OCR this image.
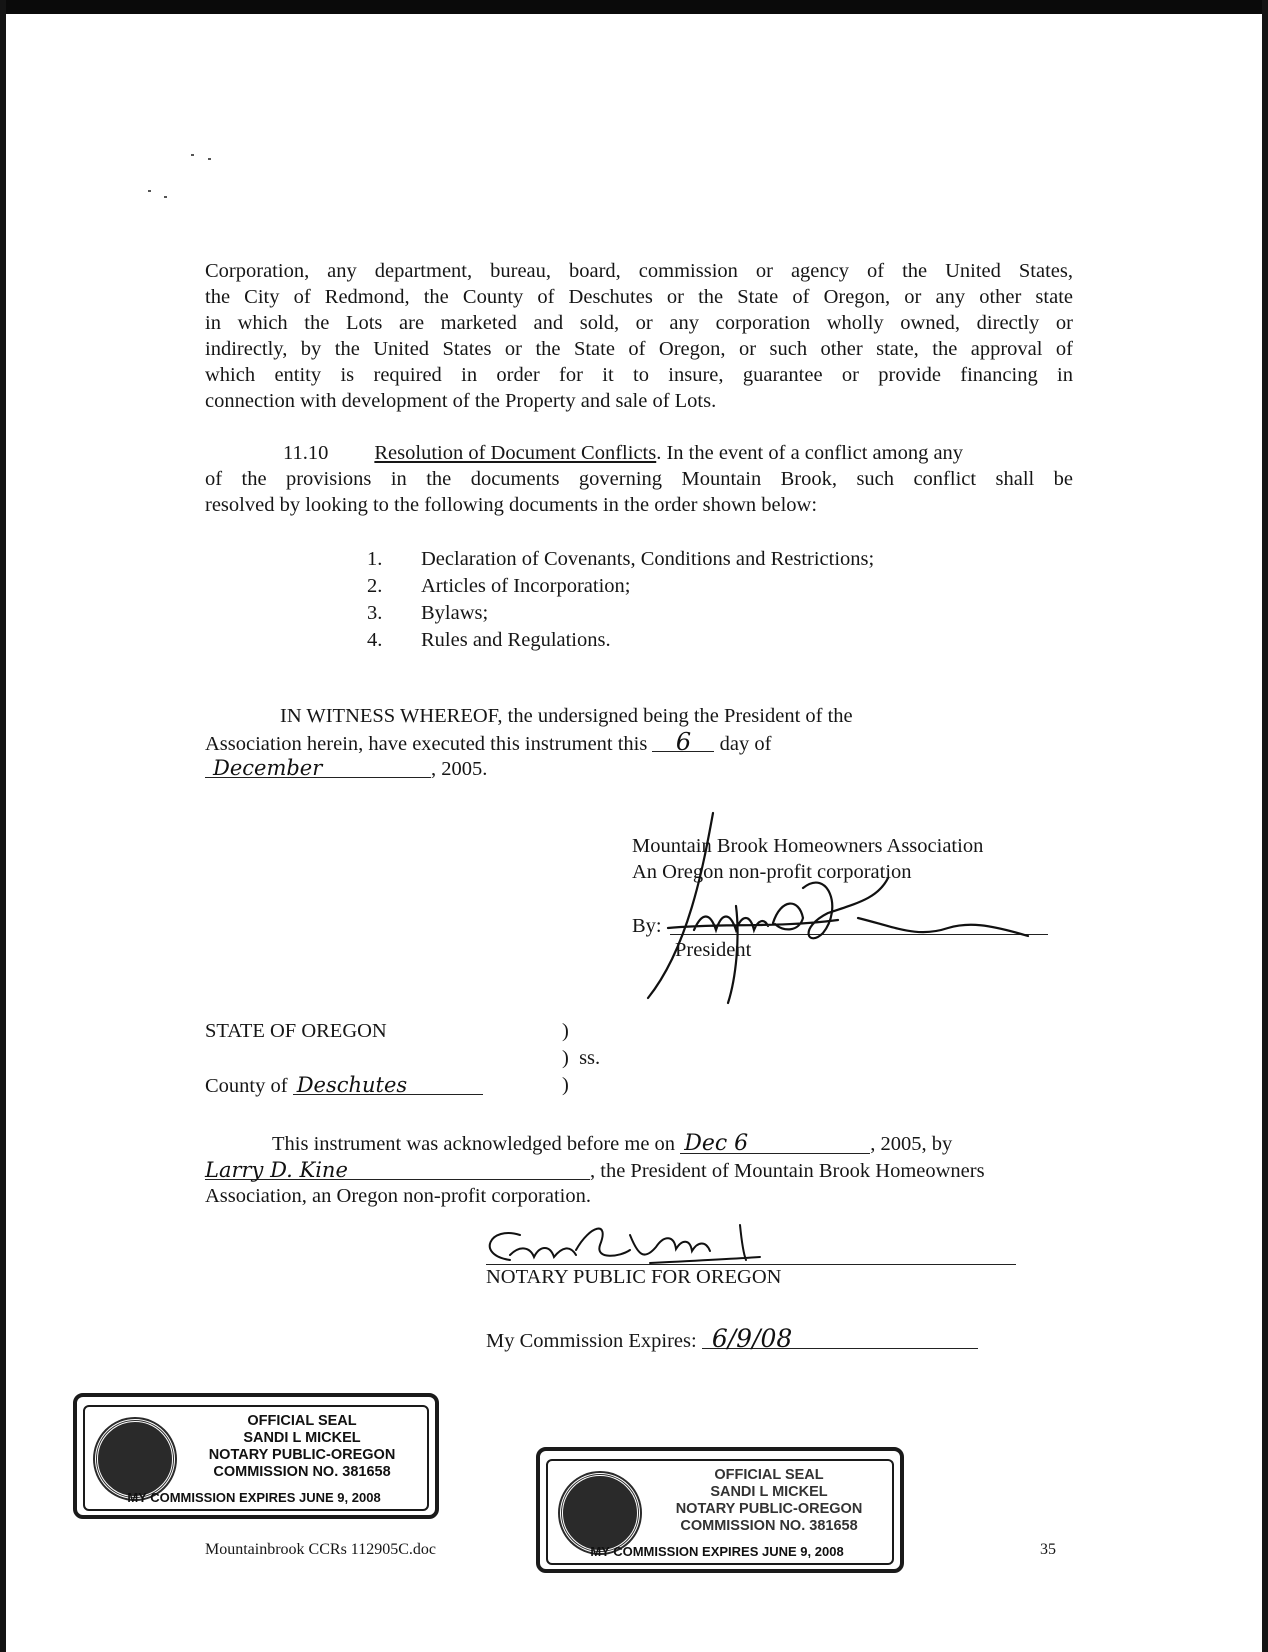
Corporation, any department, bureau, board, commission or agency of the United States,
the City of Redmond, the County of Deschutes or the State of Oregon, or any other state
in which the Lots are marketed and sold, or any corporation wholly owned, directly or
indirectly, by the United States or the State of Oregon, or such other state, the approval of
which entity is required in order for it to insure, guarantee or provide financing in
connection with development of the Property and sale of Lots.
11.10 Resolution of Document Conflicts. In the event of a conflict among any
of the provisions in the documents governing Mountain Brook, such conflict shall be
resolved by looking to the following documents in the order shown below:
1.	Declaration of Covenants, Conditions and Restrictions;
2.	Articles of Incorporation;
3.	Bylaws;
4.	Rules and Regulations.
IN WITNESS WHEREOF, the undersigned being the President of the
Association herein, have executed this instrument this 6 day of
December	, 2005.
Mountain Brook Homeowners Association
An Oregon non-profit corporation
By:
President
STATE OF OREGON
County of Deschutes
)
) ss.
)
This instrument was acknowledged before me on Dec 6	, 2005, by
Larry D. Kine	, the President of Mountain Brook Homeowners
Association, an Oregon non-profit corporation.
NOTARY PUBLIC FOR OREGON
My Commission Expires: 6/9/08
OFFICIAL SEAL
SANDI L MICKEL
NOTARY PUBLIC-OREGON
COMMISSION NO. 381658
MY COMMISSION EXPIRES JUNE 9, 2008
OFFICIAL SEAL
SANDI L MICKEL
NOTARY PUBLIC-OREGON
COMMISSION NO. 381658
MY COMMISSION EXPIRES JUNE 9, 2008
Mountainbrook CCRs 112905C.doc	35
